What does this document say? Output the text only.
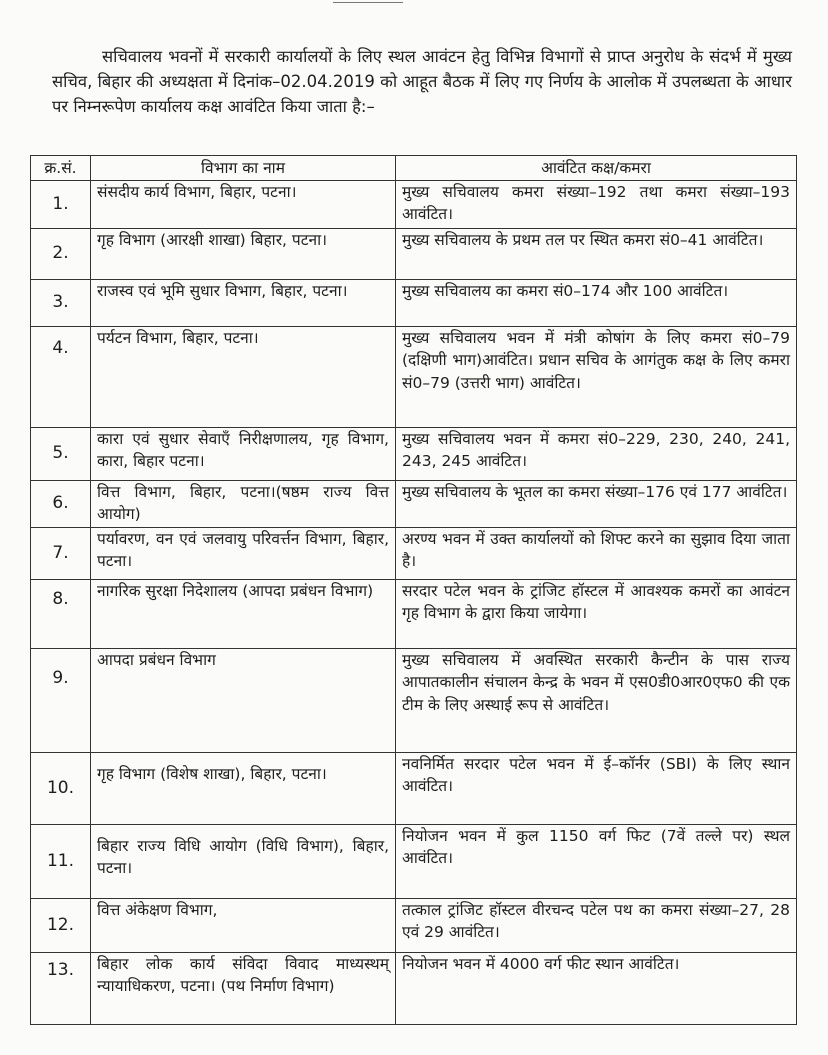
सचिवालय भवनों में सरकारी कार्यालयों के लिए स्थल आवंटन हेतु विभिन्न विभागों से प्राप्त अनुरोध के संदर्भ में मुख्य सचिव, बिहार की अध्यक्षता में दिनांक–02.04.2019 को आहूत बैठक में लिए गए निर्णय के आलोक में उपलब्धता के आधार पर निम्नरूपेण कार्यालय कक्ष आवंटित किया जाता है:–

क्र.सं.	विभाग का नाम	आवंटित कक्ष/कमरा
1.	संसदीय कार्य विभाग, बिहार, पटना।	मुख्य सचिवालय कमरा संख्या–192 तथा कमरा संख्या–193 आवंटित।
2.	गृह विभाग (आरक्षी शाखा) बिहार, पटना।	मुख्य सचिवालय के प्रथम तल पर स्थित कमरा सं0–41 आवंटित।
3.	राजस्व एवं भूमि सुधार विभाग, बिहार, पटना।	मुख्य सचिवालय का कमरा सं0–174 और 100 आवंटित।
4.	पर्यटन विभाग, बिहार, पटना।	मुख्य सचिवालय भवन में मंत्री कोषांग के लिए कमरा सं0–79 (दक्षिणी भाग)आवंटित। प्रधान सचिव के आगंतुक कक्ष के लिए कमरा सं0–79 (उत्तरी भाग) आवंटित।
5.	कारा एवं सुधार सेवाएँ निरीक्षणालय, गृह विभाग, कारा, बिहार पटना।	मुख्य सचिवालय भवन में कमरा सं0–229, 230, 240, 241, 243, 245 आवंटित।
6.	वित्त विभाग, बिहार, पटना।(षष्ठम राज्य वित्त आयोग)	मुख्य सचिवालय के भूतल का कमरा संख्या–176 एवं 177 आवंटित।
7.	पर्यावरण, वन एवं जलवायु परिवर्त्तन विभाग, बिहार, पटना।	अरण्य भवन में उक्त कार्यालयों को शिफ्ट करने का सुझाव दिया जाता है।
8.	नागरिक सुरक्षा निदेशालय (आपदा प्रबंधन विभाग)	सरदार पटेल भवन के ट्रांजिट हॉस्टल में आवश्यक कमरों का आवंटन गृह विभाग के द्वारा किया जायेगा।
9.	आपदा प्रबंधन विभाग	मुख्य सचिवालय में अवस्थित सरकारी कैन्टीन के पास राज्य आपातकालीन संचालन केन्द्र के भवन में एस0डी0आर0एफ0 की एक टीम के लिए अस्थाई रूप से आवंटित।
10.	गृह विभाग (विशेष शाखा), बिहार, पटना।	नवनिर्मित सरदार पटेल भवन में ई–कॉर्नर (SBI) के लिए स्थान आवंटित।
11.	बिहार राज्य विधि आयोग (विधि विभाग), बिहार, पटना।	नियोजन भवन में कुल 1150 वर्ग फिट (7वें तल्ले पर) स्थल आवंटित।
12.	वित्त अंकेक्षण विभाग,	तत्काल ट्रांजिट हॉस्टल वीरचन्द पटेल पथ का कमरा संख्या–27, 28 एवं 29 आवंटित।
13.	बिहार लोक कार्य संविदा विवाद माध्यस्थम् न्यायाधिकरण, पटना। (पथ निर्माण विभाग)	नियोजन भवन में 4000 वर्ग फीट स्थान आवंटित।
